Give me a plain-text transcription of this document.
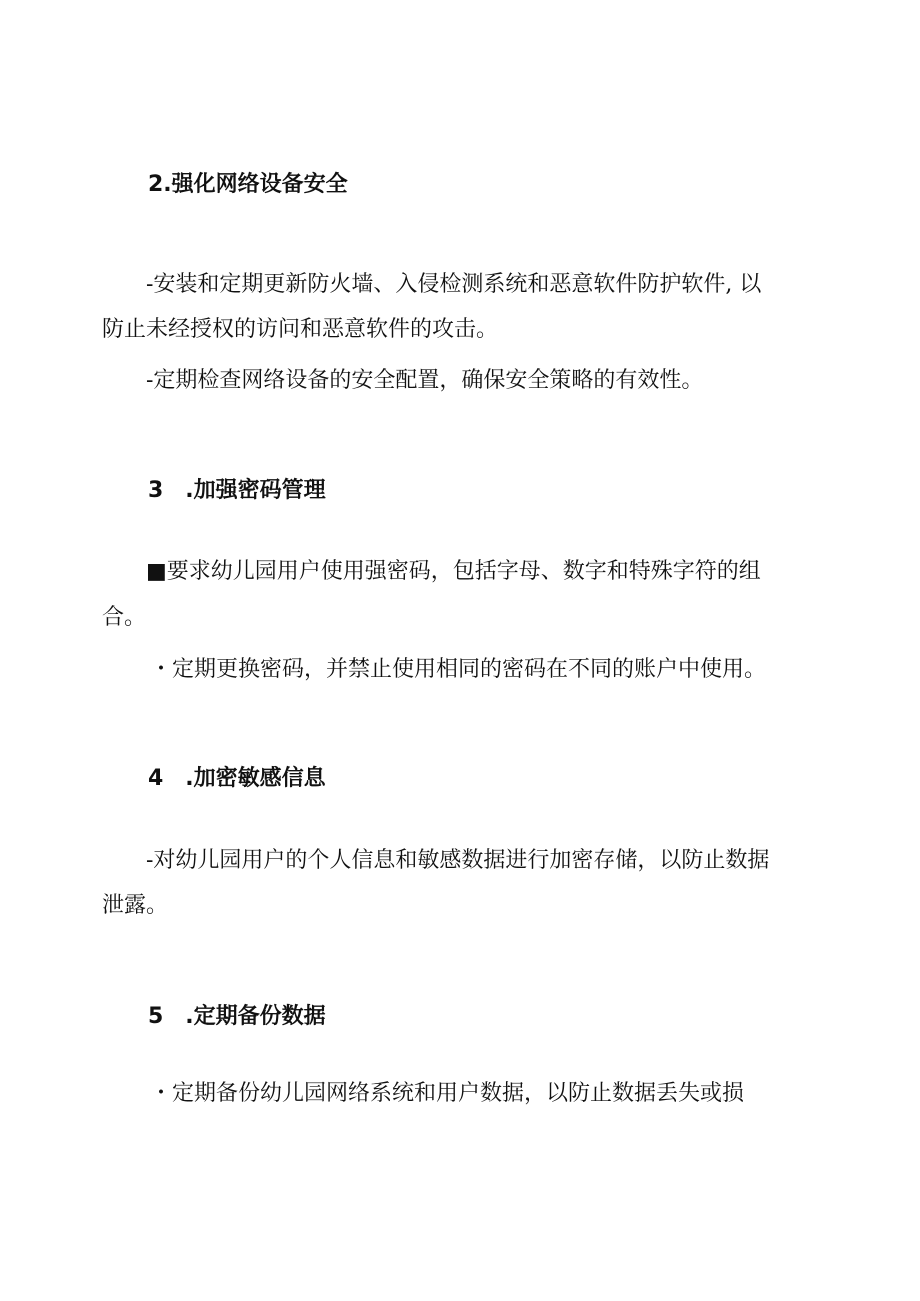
2.强化网络设备安全
-安装和定期更新防火墙、入侵检测系统和恶意软件防护软件, 以
防止未经授权的访问和恶意软件的攻击。
-定期检查网络设备的安全配置，确保安全策略的有效性。
3 .加强密码管理
■要求幼儿园用户使用强密码，包括字母、数字和特殊字符的组
合。
・定期更换密码，并禁止使用相同的密码在不同的账户中使用。
4 .加密敏感信息
-对幼儿园用户的个人信息和敏感数据进行加密存储，以防止数据
泄露。
5 .定期备份数据
・定期备份幼儿园网络系统和用户数据，以防止数据丢失或损
